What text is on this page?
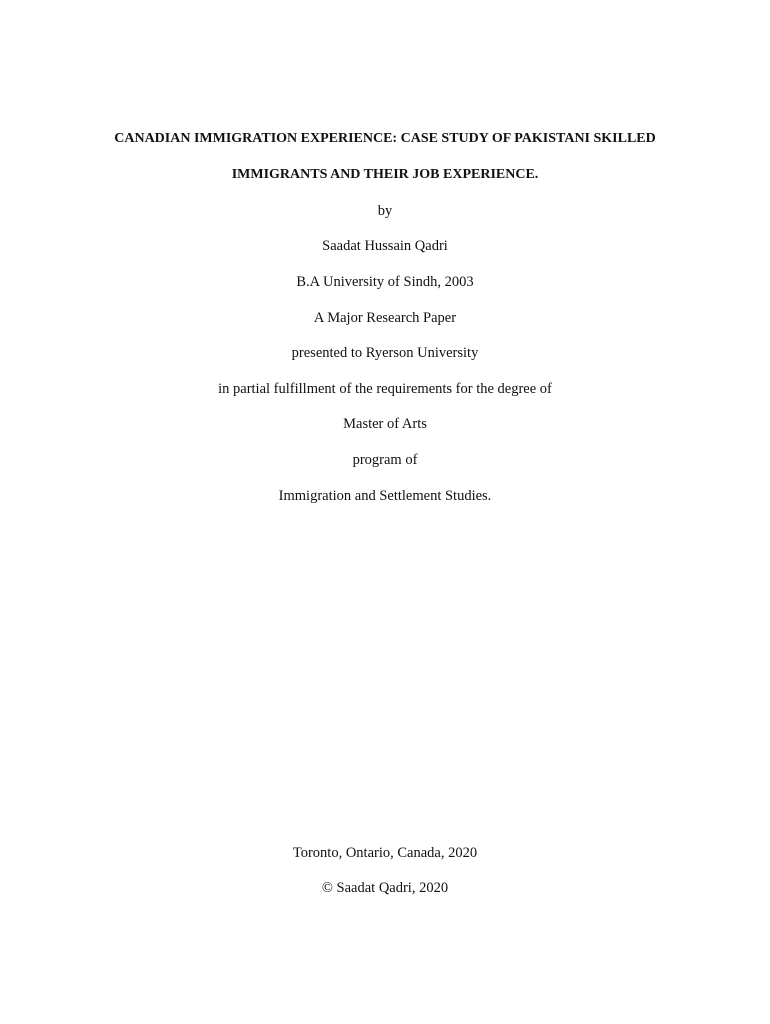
CANADIAN IMMIGRATION EXPERIENCE: CASE STUDY OF PAKISTANI SKILLED
IMMIGRANTS AND THEIR JOB EXPERIENCE.
by
Saadat Hussain Qadri
B.A University of Sindh, 2003
A Major Research Paper
presented to Ryerson University
in partial fulfillment of the requirements for the degree of
Master of Arts
program of
Immigration and Settlement Studies.
Toronto, Ontario, Canada, 2020
© Saadat Qadri, 2020
